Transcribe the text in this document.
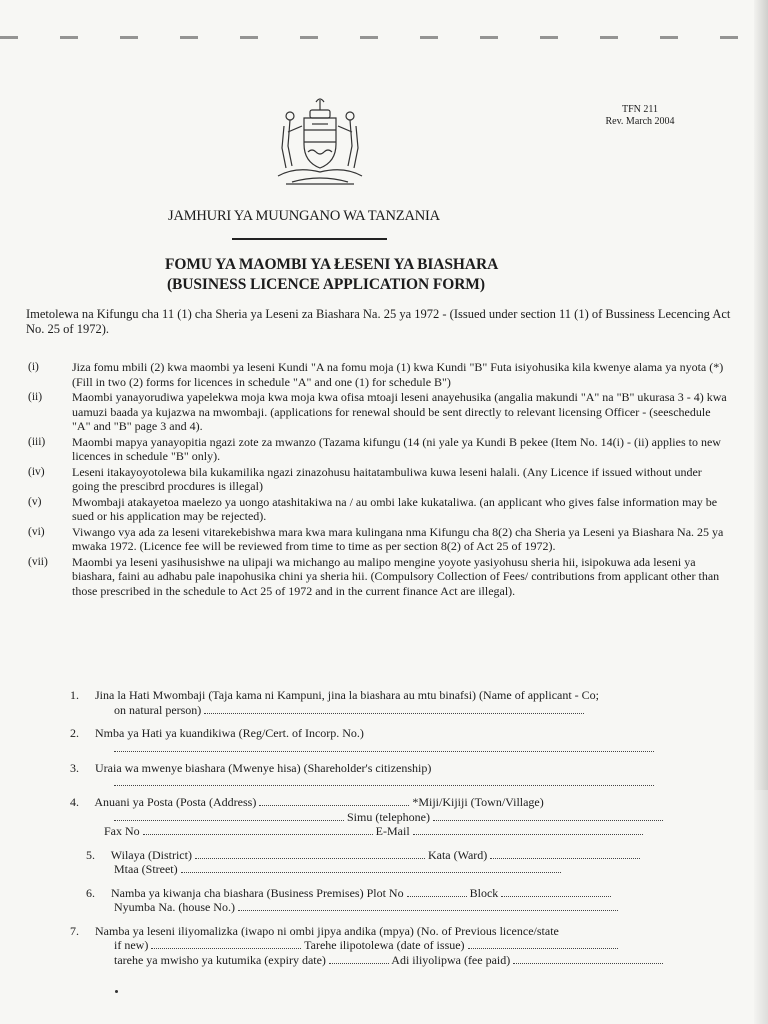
TFN 211
Rev. March 2004
JAMHURI YA MUUNGANO WA TANZANIA
FOMU YA MAOMBI YA ŁESENI YA BIASHARA
(BUSINESS LICENCE APPLICATION FORM)
Imetolewa na Kifungu cha 11 (1) cha Sheria ya Leseni za Biashara Na. 25 ya 1972 - (Issued under section 11 (1) of Bussiness Lecencing Act No. 25 of 1972).
(i)	Jiza fomu mbili (2) kwa maombi ya leseni Kundi "A na fomu moja (1) kwa Kundi "B" Futa isiyohusika kila kwenye alama ya nyota (*) (Fill in two (2) forms for licences in schedule "A" and one (1) for schedule B")
(ii)	Maombi yanayorudiwa yapelekwa moja kwa moja kwa ofisa mtoaji leseni anayehusika (angalia makundi "A" na "B" ukurasa 3 - 4) kwa uamuzi baada ya kujazwa na mwombaji. (applications for renewal should be sent directly to relevant licensing Officer - (seeschedule "A" and "B" page 3 and 4).
(iii)	Maombi mapya yanayopitia ngazi zote za mwanzo (Tazama kifungu (14 (ni yale ya Kundi B pekee (Item No. 14(i) - (ii) applies to new licences in schedule "B" only).
(iv)	Leseni itakayoyotolewa bila kukamilika ngazi zinazohusu haitatambuliwa kuwa leseni halali. (Any Licence if issued without under going the prescibrd procdures is illegal)
(v)	Mwombaji atakayetoa maelezo ya uongo atashitakiwa na / au ombi lake kukataliwa. (an applicant who gives false information may be sued or his application may be rejected).
(vi)	Viwango vya ada za leseni vitarekebishwa mara kwa mara kulingana nma Kifungu cha 8(2) cha Sheria ya Leseni ya Biashara Na. 25 ya mwaka 1972. (Licence fee will be reviewed from time to time as per section 8(2) of Act 25 of 1972).
(vii)	Maombi ya leseni yasihusishwe na ulipaji wa michango au malipo mengine yoyote yasiyohusu sheria hii, isipokuwa ada leseni ya biashara, faini au adhabu pale inapohusika chini ya sheria hii. (Compulsory Collection of Fees/ contributions from applicant other than those prescribed in the schedule to Act 25 of 1972 and in the current finance Act are illegal).
1. Jina la Hati Mwombaji (Taja kama ni Kampuni, jina la biashara au mtu binafsi) (Name of applicant - Co;
on natural person)
2. Nmba ya Hati ya kuandikiwa (Reg/Cert. of Incorp. No.)
3. Uraia wa mwenye biashara (Mwenye hisa) (Shareholder's citizenship)
4. Anuani ya Posta (Posta (Address)	*Miji/Kijiji (Town/Village)
Simu (telephone)
Fax No	E-Mail
5. Wilaya (District)	Kata (Ward)
Mtaa (Street)
6. Namba ya kiwanja cha biashara (Business Premises) Plot No	Block
Nyumba Na. (house No.)
7. Namba ya leseni iliyomalizka (iwapo ni ombi jipya andika (mpya) (No. of Previous licence/state
if new)	Tarehe ilipotolewa (date of issue)
tarehe ya mwisho ya kutumika (expiry date)	Adi iliyolipwa (fee paid)
